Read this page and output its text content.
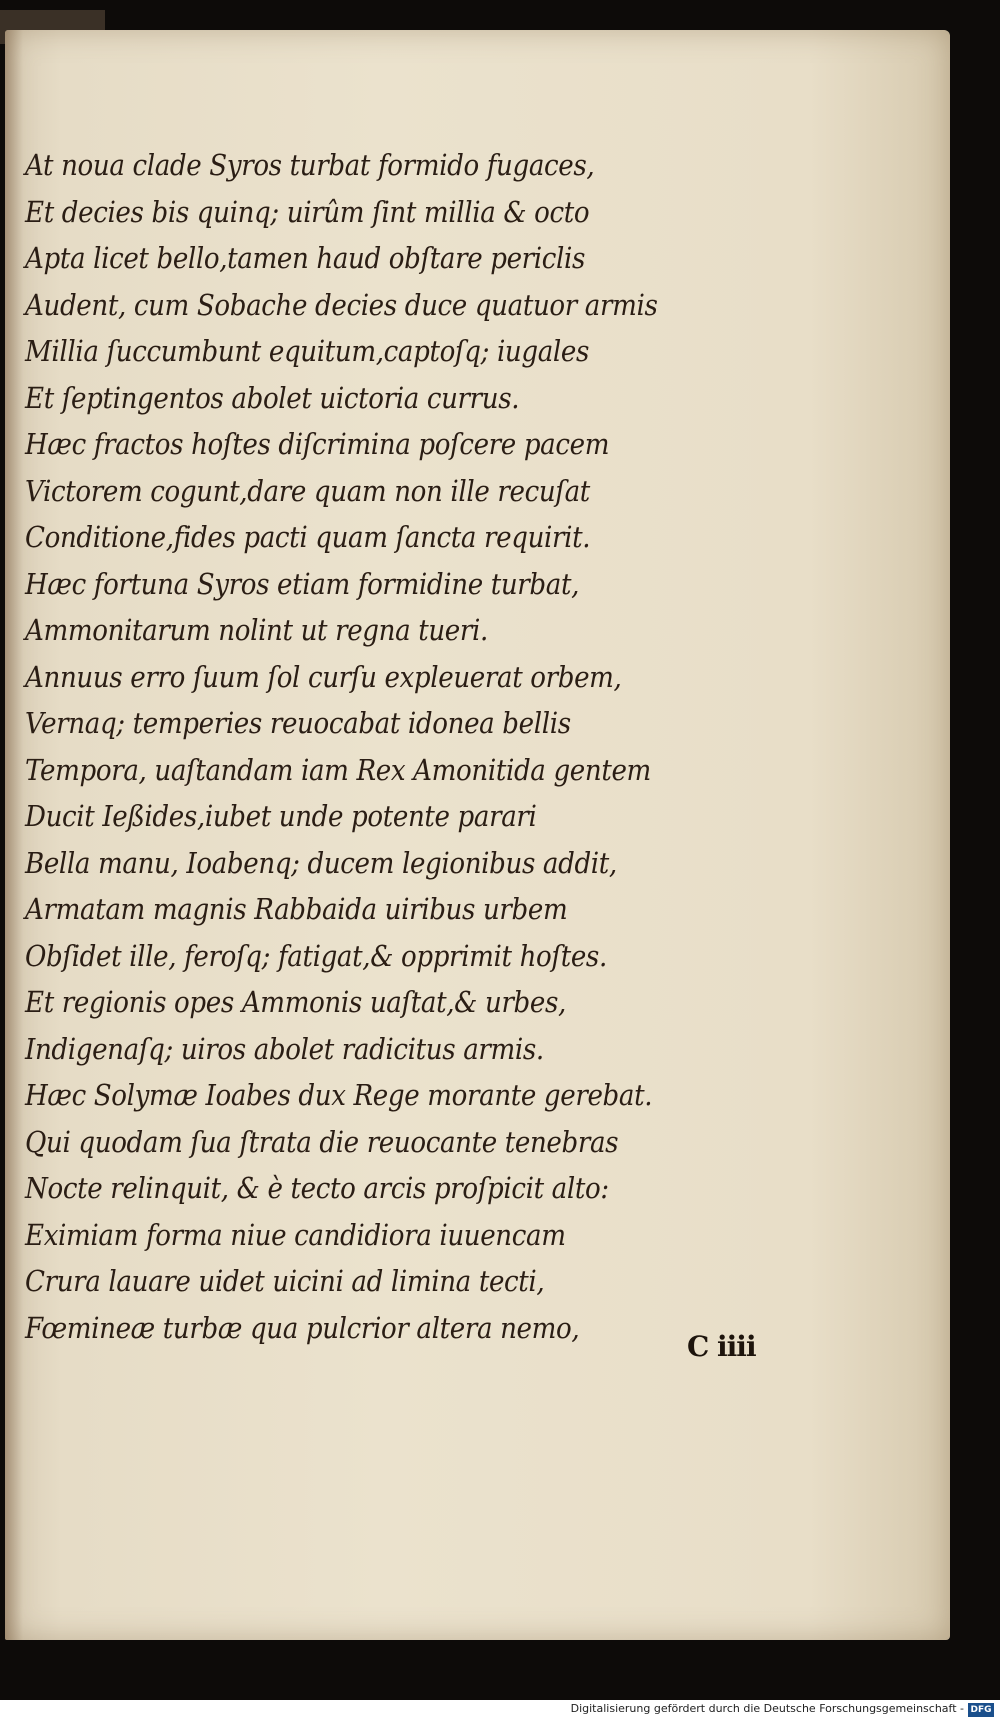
At noua clade Syros turbat formido fugaces,
Et decies bis quinq; uirûm ſint millia & octo
Apta licet bello,tamen haud obſtare periclis
Audent, cum Sobache decies duce quatuor armis
Millia ſuccumbunt equitum,captoſq; iugales
Et ſeptingentos abolet uictoria currus.
Hæc fractos hoſtes diſcrimina poſcere pacem
Victorem cogunt,dare quam non ille recuſat
Conditione,fides pacti quam ſancta requirit.
Hæc fortuna Syros etiam formidine turbat,
Ammonitarum nolint ut regna tueri.
Annuus erro ſuum ſol curſu expleuerat orbem,
Vernaq; temperies reuocabat idonea bellis
Tempora, uaſtandam iam Rex Amonitida gentem
Ducit Ießides,iubet unde potente parari
Bella manu, Ioabenq; ducem legionibus addit,
Armatam magnis Rabbaida uiribus urbem
Obſidet ille, feroſq; fatigat,& opprimit hoſtes.
Et regionis opes Ammonis uaſtat,& urbes,
Indigenaſq; uiros abolet radicitus armis.
Hæc Solymæ Ioabes dux Rege morante gerebat.
Qui quodam ſua ſtrata die reuocante tenebras
Nocte relinquit, & è tecto arcis proſpicit alto:
Eximiam forma niue candidiora iuuencam
Crura lauare uidet uicini ad limina tecti,
Fœmineæ turbæ qua pulcrior altera nemo,
C iiii
Digitalisierung gefördert durch die Deutsche Forschungsgemeinschaft - DFG
